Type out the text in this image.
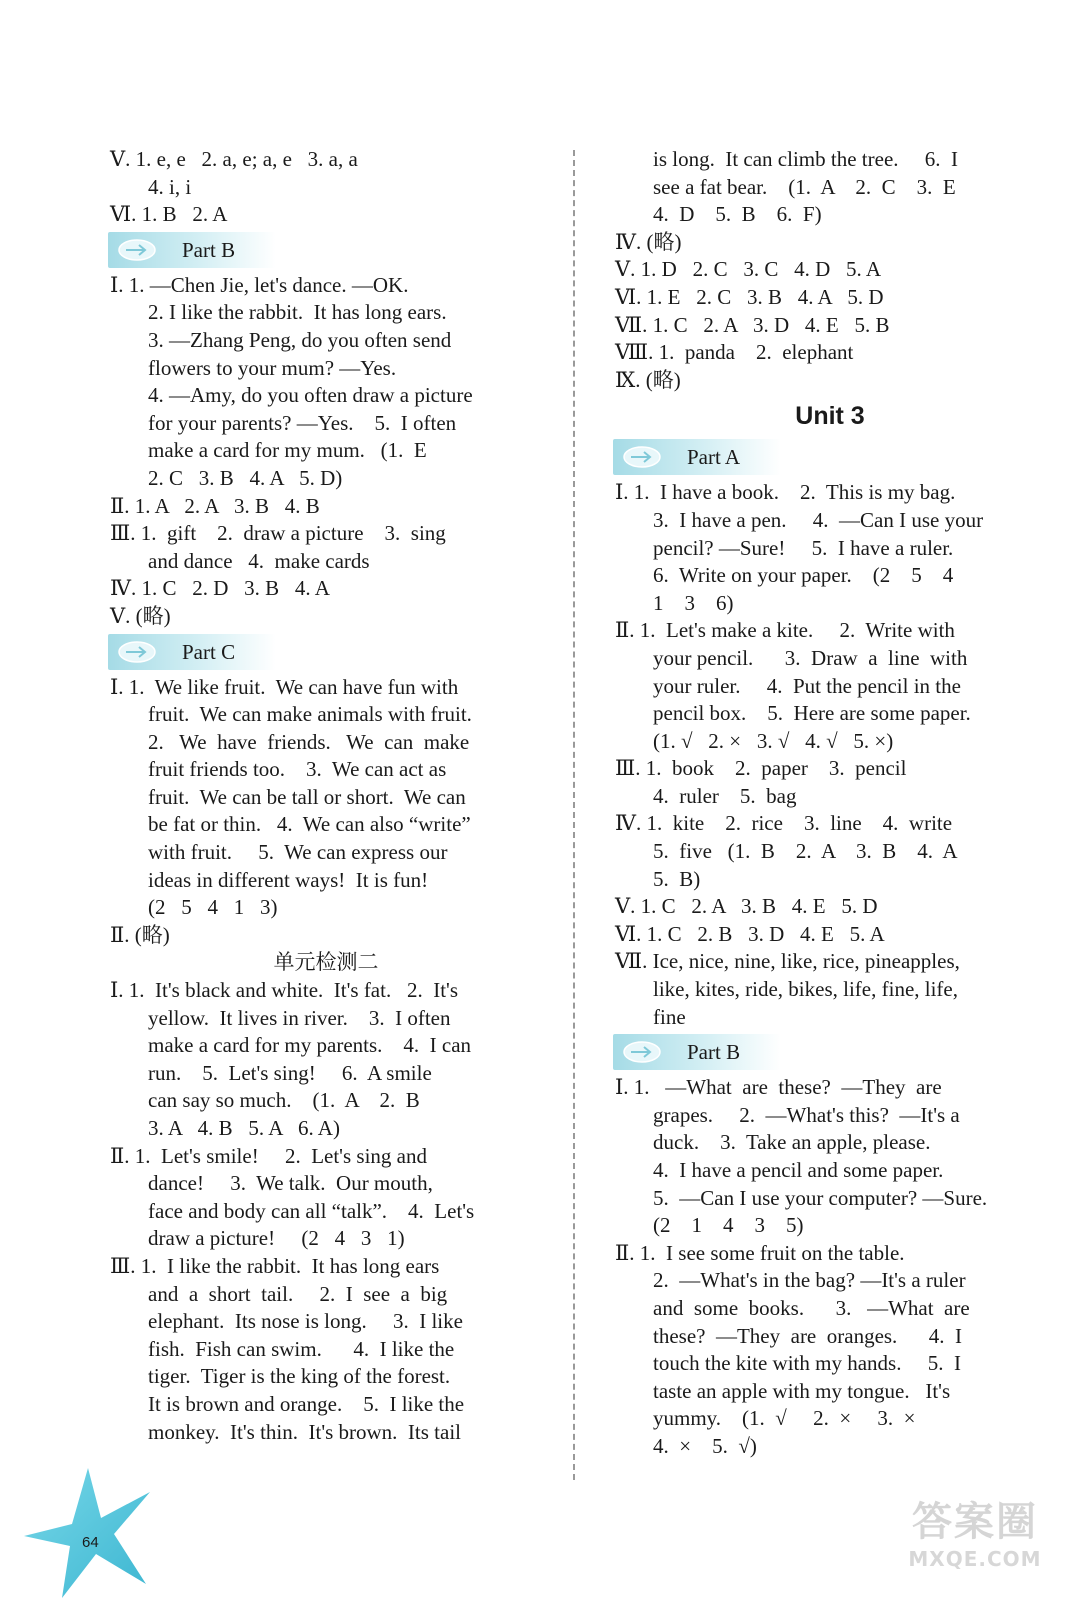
Ⅴ. 1. e, e   2. a, e; a, e   3. a, a
4. i, i
Ⅵ. 1. B   2. A
Part B
Ⅰ. 1. —Chen Jie, let's dance. —OK.
2. I like the rabbit.  It has long ears.
3. —Zhang Peng, do you often send
flowers to your mum? —Yes.
4. —Amy, do you often draw a picture
for your parents? —Yes.    5.  I often
make a card for my mum.   (1.  E
2. C   3. B   4. A   5. D)
Ⅱ. 1. A   2. A   3. B   4. B
Ⅲ. 1.  gift    2.  draw a picture    3.  sing
and dance   4.  make cards
Ⅳ. 1. C   2. D   3. B   4. A
Ⅴ. (略)
Part C
Ⅰ. 1.  We like fruit.  We can have fun with
fruit.  We can make animals with fruit.
2.   We  have  friends.   We  can  make
fruit friends too.    3.  We can act as
fruit.  We can be tall or short.  We can
be fat or thin.   4.  We can also “write”
with fruit.     5.  We can express our
ideas in different ways!  It is fun!
(2   5   4   1   3)
Ⅱ. (略)
单元检测二
Ⅰ. 1.  It's black and white.  It's fat.   2.  It's
yellow.  It lives in river.    3.  I often
make a card for my parents.    4.  I can
run.    5.  Let's sing!     6.  A smile
can say so much.    (1.  A    2.  B
3. A   4. B   5. A   6. A)
Ⅱ. 1.  Let's smile!     2.  Let's sing and
dance!     3.  We talk.  Our mouth,
face and body can all “talk”.    4.  Let's
draw a picture!     (2   4   3   1)
Ⅲ. 1.  I like the rabbit.  It has long ears
and  a  short  tail.     2.  I  see  a  big
elephant.  Its nose is long.     3.  I like
fish.  Fish can swim.      4.  I like the
tiger.  Tiger is the king of the forest.
It is brown and orange.    5.  I like the
monkey.  It's thin.  It's brown.  Its tail
is long.  It can climb the tree.     6.  I
see a fat bear.    (1.  A    2.  C    3.  E
4.  D    5.  B    6.  F)
Ⅳ. (略)
Ⅴ. 1. D   2. C   3. C   4. D   5. A
Ⅵ. 1. E   2. C   3. B   4. A   5. D
Ⅶ. 1. C   2. A   3. D   4. E   5. B
Ⅷ. 1.  panda    2.  elephant
Ⅸ. (略)
Unit 3
Part A
Ⅰ. 1.  I have a book.    2.  This is my bag.
3.  I have a pen.     4.  —Can I use your
pencil? —Sure!     5.  I have a ruler.
6.  Write on your paper.    (2    5    4
1    3    6)
Ⅱ. 1.  Let's make a kite.     2.  Write with
your pencil.      3.  Draw  a  line  with
your ruler.     4.  Put the pencil in the
pencil box.    5.  Here are some paper.
(1. √   2. ×   3. √   4. √   5. ×)
Ⅲ. 1.  book    2.  paper    3.  pencil
4.  ruler    5.  bag
Ⅳ. 1.  kite    2.  rice    3.  line    4.  write
5.  five   (1.  B    2.  A    3.  B    4.  A
5.  B)
Ⅴ. 1. C   2. A   3. B   4. E   5. D
Ⅵ. 1. C   2. B   3. D   4. E   5. A
Ⅶ. Ice, nice, nine, like, rice, pineapples,
like, kites, ride, bikes, life, fine, life,
fine
Part B
Ⅰ. 1.   —What  are  these?  —They  are
grapes.     2.  —What's this?  —It's a
duck.    3.  Take an apple, please.
4.  I have a pencil and some paper.
5.  —Can I use your computer? —Sure.
(2    1    4    3    5)
Ⅱ. 1.  I see some fruit on the table.
2.  —What's in the bag? —It's a ruler
and  some  books.      3.   —What  are
these?  —They  are  oranges.      4.  I
touch the kite with my hands.     5.  I
taste an apple with my tongue.   It's
yummy.    (1.  √     2.  ×     3.  ×
4.  ×    5.  √)
64	答案圈
MXQE.COM
